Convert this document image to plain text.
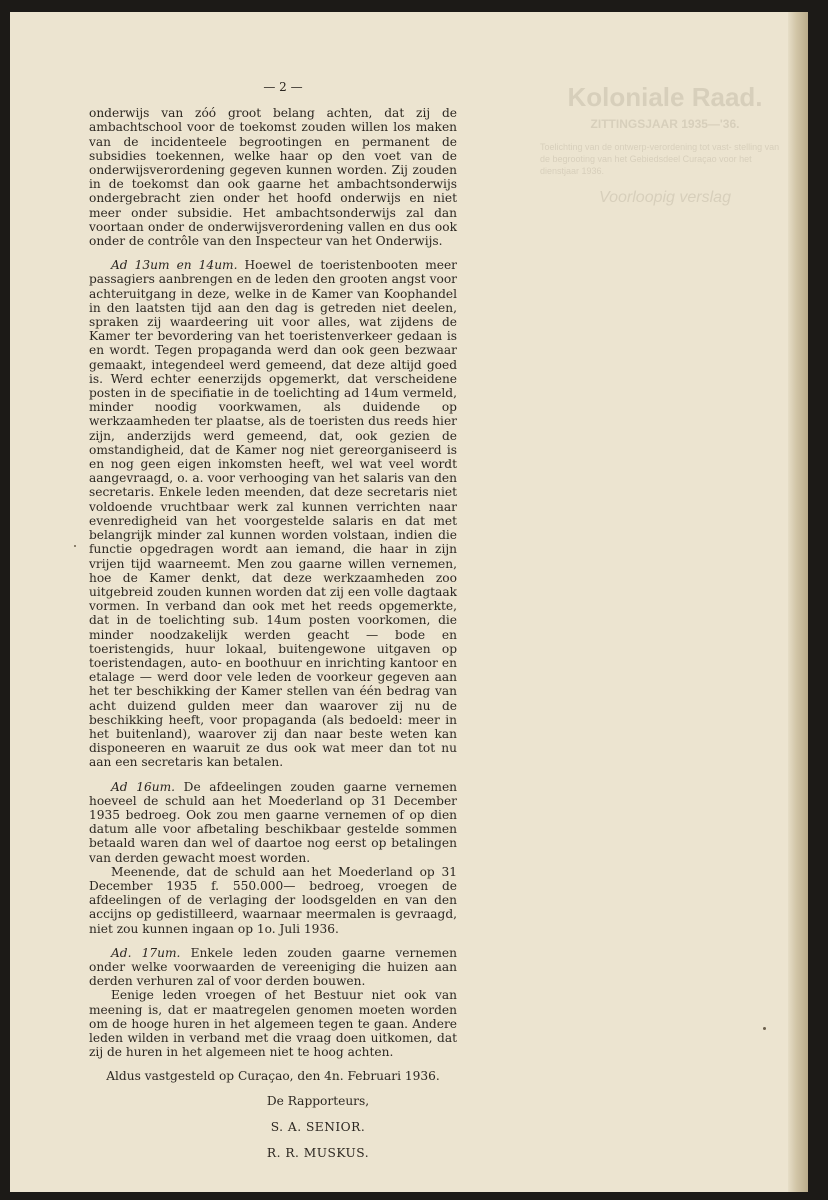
Koloniale Raad.
ZITTINGSJAAR 1935—'36.
Toelichting van de ontwerp-verordening tot vast- stelling van de begrooting van het Gebiedsdeel Curaçao voor het dienstjaar 1936.
Voorloopig verslag
— 2 —

onderwijs van zóó groot belang achten, dat zij de ambachtschool voor de toekomst zouden willen los maken van de incidenteele begrootingen en permanent de subsidies toekennen, welke haar op den voet van de onderwijsverordening gegeven kunnen worden. Zij zouden in de toekomst dan ook gaarne het ambachtsonderwijs ondergebracht zien onder het hoofd onderwijs en niet meer onder subsidie. Het ambachtsonderwijs zal dan voortaan onder de onderwijsverordening vallen en dus ook onder de contrôle van den Inspecteur van het Onderwijs.

Ad 13um en 14um. Hoewel de toeristenbooten meer passagiers aanbrengen en de leden den grooten angst voor achteruitgang in deze, welke in de Kamer van Koophandel in den laatsten tijd aan den dag is getreden niet deelen, spraken zij waardeering uit voor alles, wat zijdens de Kamer ter bevordering van het toeristenverkeer gedaan is en wordt. Tegen propaganda werd dan ook geen bezwaar gemaakt, integendeel werd gemeend, dat deze altijd goed is. Werd echter eenerzijds opgemerkt, dat verscheidene posten in de specifiatie in de toelichting ad 14um vermeld, minder noodig voorkwamen, als duidende op werkzaamheden ter plaatse, als de toeristen dus reeds hier zijn, anderzijds werd gemeend, dat, ook gezien de omstandigheid, dat de Kamer nog niet gereorganiseerd is en nog geen eigen inkomsten heeft, wel wat veel wordt aangevraagd, o. a. voor verhooging van het salaris van den secretaris. Enkele leden meenden, dat deze secretaris niet voldoende vruchtbaar werk zal kunnen verrichten naar evenredigheid van het voorgestelde salaris en dat met belangrijk minder zal kunnen worden volstaan, indien die functie opgedragen wordt aan iemand, die haar in zijn vrijen tijd waarneemt. Men zou gaarne willen vernemen, hoe de Kamer denkt, dat deze werkzaamheden zoo uitgebreid zouden kunnen worden dat zij een volle dagtaak vormen. In verband dan ook met het reeds opgemerkte, dat in de toelichting sub. 14um posten voorkomen, die minder noodzakelijk werden geacht — bode en toeristengids, huur lokaal, buitengewone uitgaven op toeristendagen, auto- en boothuur en inrichting kantoor en etalage — werd door vele leden de voorkeur gegeven aan het ter beschikking der Kamer stellen van één bedrag van acht duizend gulden meer dan waarover zij nu de beschikking heeft, voor propaganda (als bedoeld: meer in het buitenland), waarover zij dan naar beste weten kan disponeeren en waaruit ze dus ook wat meer dan tot nu aan een secretaris kan betalen.

Ad 16um. De afdeelingen zouden gaarne vernemen hoeveel de schuld aan het Moederland op 31 December 1935 bedroeg. Ook zou men gaarne vernemen of op dien datum alle voor afbetaling beschikbaar gestelde sommen betaald waren dan wel of daartoe nog eerst op betalingen van derden gewacht moest worden.

Meenende, dat de schuld aan het Moederland op 31 December 1935 f. 550.000— bedroeg, vroegen de afdeelingen of de verlaging der loodsgelden en van den accijns op gedistilleerd, waarnaar meermalen is gevraagd, niet zou kunnen ingaan op 1o. Juli 1936.

Ad. 17um. Enkele leden zouden gaarne vernemen onder welke voorwaarden de vereeniging die huizen aan derden verhuren zal of voor derden bouwen.

Eenige leden vroegen of het Bestuur niet ook van meening is, dat er maatregelen genomen moeten worden om de hooge huren in het algemeen tegen te gaan. Andere leden wilden in verband met die vraag doen uitkomen, dat zij de huren in het algemeen niet te hoog achten.

Aldus vastgesteld op Curaçao, den 4n. Februari 1936.
De Rapporteurs,
S. A. SENIOR.
R. R. MUSKUS.
